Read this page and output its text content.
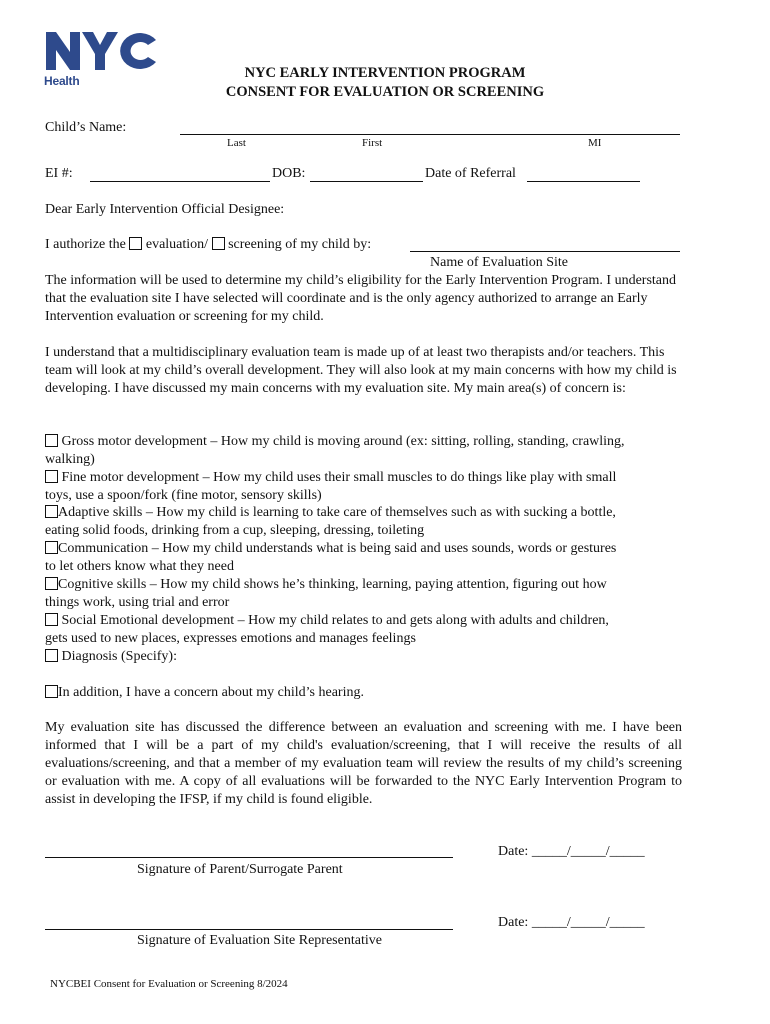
Health	NYC EARLY INTERVENTION PROGRAM
CONSENT FOR EVALUATION OR SCREENING
Child’s Name:
Last	First	MI
EI #:	DOB:	Date of Referral
Dear Early Intervention Official Designee:
I authorize the evaluation/ screening of my child by:
Name of Evaluation Site
The information will be used to determine my child’s eligibility for the Early Intervention Program. I understand that the evaluation site I have selected will coordinate and is the only agency authorized to arrange an Early Intervention evaluation or screening for my child.
I understand that a multidisciplinary evaluation team is made up of at least two therapists and/or teachers. This team will look at my child’s overall development. They will also look at my main concerns with how my child is developing. I have discussed my main concerns with my evaluation site. My main area(s) of concern is:
Gross motor development – How my child is moving around (ex: sitting, rolling, standing, crawling,
walking)
Fine motor development – How my child uses their small muscles to do things like play with small
toys, use a spoon/fork (fine motor, sensory skills)
Adaptive skills – How my child is learning to take care of themselves such as with sucking a bottle,
eating solid foods, drinking from a cup, sleeping, dressing, toileting
Communication – How my child understands what is being said and uses sounds, words or gestures
to let others know what they need
Cognitive skills – How my child shows he’s thinking, learning, paying attention, figuring out how
things work, using trial and error
Social Emotional development – How my child relates to and gets along with adults and children,
gets used to new places, expresses emotions and manages feelings
Diagnosis (Specify):
In addition, I have a concern about my child’s hearing.
My evaluation site has discussed the difference between an evaluation and screening with me. I have been informed that I will be a part of my child's evaluation/screening, that I will receive the results of all evaluations/screening, and that a member of my evaluation team will review the results of my child’s screening or evaluation with me. A copy of all evaluations will be forwarded to the NYC Early Intervention Program to assist in developing the IFSP, if my child is found eligible.
Signature of Parent/Surrogate Parent
Date: _____/_____/_____
Signature of Evaluation Site Representative
Date: _____/_____/_____
NYCBEI Consent for Evaluation or Screening 8/2024
